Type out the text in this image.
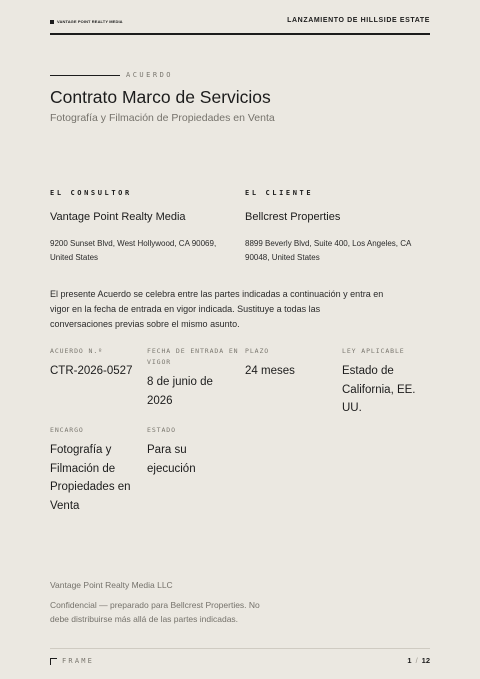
VANTAGE POINT REALTY MEDIA	LANZAMIENTO DE HILLSIDE ESTATE
ACUERDO
Contrato Marco de Servicios
Fotografía y Filmación de Propiedades en Venta
EL CONSULTOR
Vantage Point Realty Media
9200 Sunset Blvd, West Hollywood, CA 90069, United States
EL CLIENTE
Bellcrest Properties
8899 Beverly Blvd, Suite 400, Los Angeles, CA 90048, United States

El presente Acuerdo se celebra entre las partes indicadas a continuación y entra en vigor en la fecha de entrada en vigor indicada. Sustituye a todas las conversaciones previas sobre el mismo asunto.

ACUERDO N.º
CTR-2026-0527
FECHA DE ENTRADA EN VIGOR
8 de junio de 2026
PLAZO
24 meses
LEY APLICABLE
Estado de California, EE. UU.
ENCARGO
Fotografía y Filmación de Propiedades en Venta
ESTADO
Para su ejecución
Vantage Point Realty Media LLC
Confidencial — preparado para Bellcrest Properties. No debe distribuirse más allá de las partes indicadas.
FRAME	1 / 12
